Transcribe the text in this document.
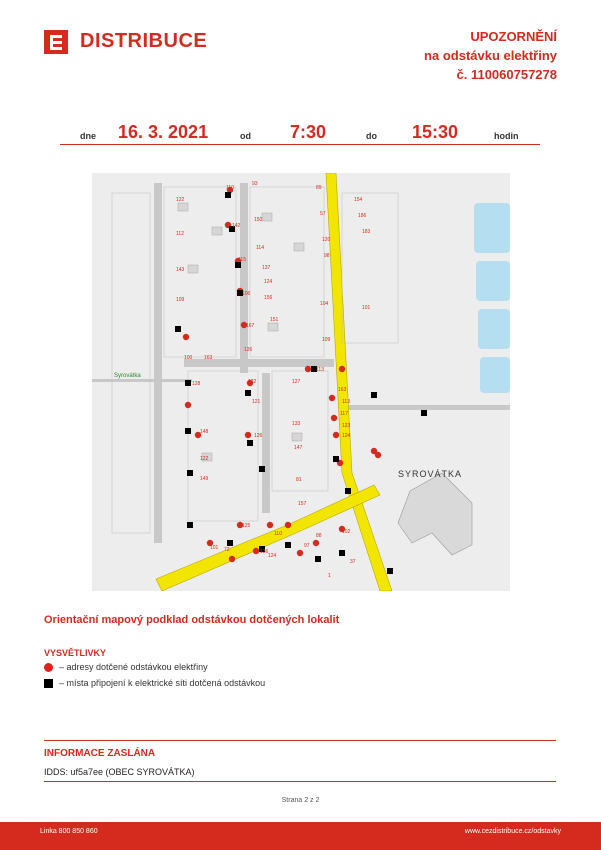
DISTRIBUCE	UPOZORNĚNÍ
na odstávku elektřiny
č. 110060757278
dne 16. 3. 2021	od 7:30	do 15:30	hodin
Syrovátka
SYROVÁTKA
122
110
93
89
154
112
142
150
57	186
183
143
115
114
120
98
137
124
109
106
156
104
101
151
167
126
109
100 163
128	127
113
163
113
117
123
124
122
121
126
133
148
122
147
149	81
157
125
102
110
101 72	136
124
97
88
37
1
Orientační mapový podklad odstávkou dotčených lokalit
VYSVĚTLIVKY
– adresy dotčené odstávkou elektřiny
– místa připojení k elektrické síti dotčená odstávkou
INFORMACE ZASLÁNA
IDDS: uf5a7ee (OBEC SYROVÁTKA)
Strana 2 z 2
Linka 800 850 860	www.cezdistribuce.cz/odstavky
